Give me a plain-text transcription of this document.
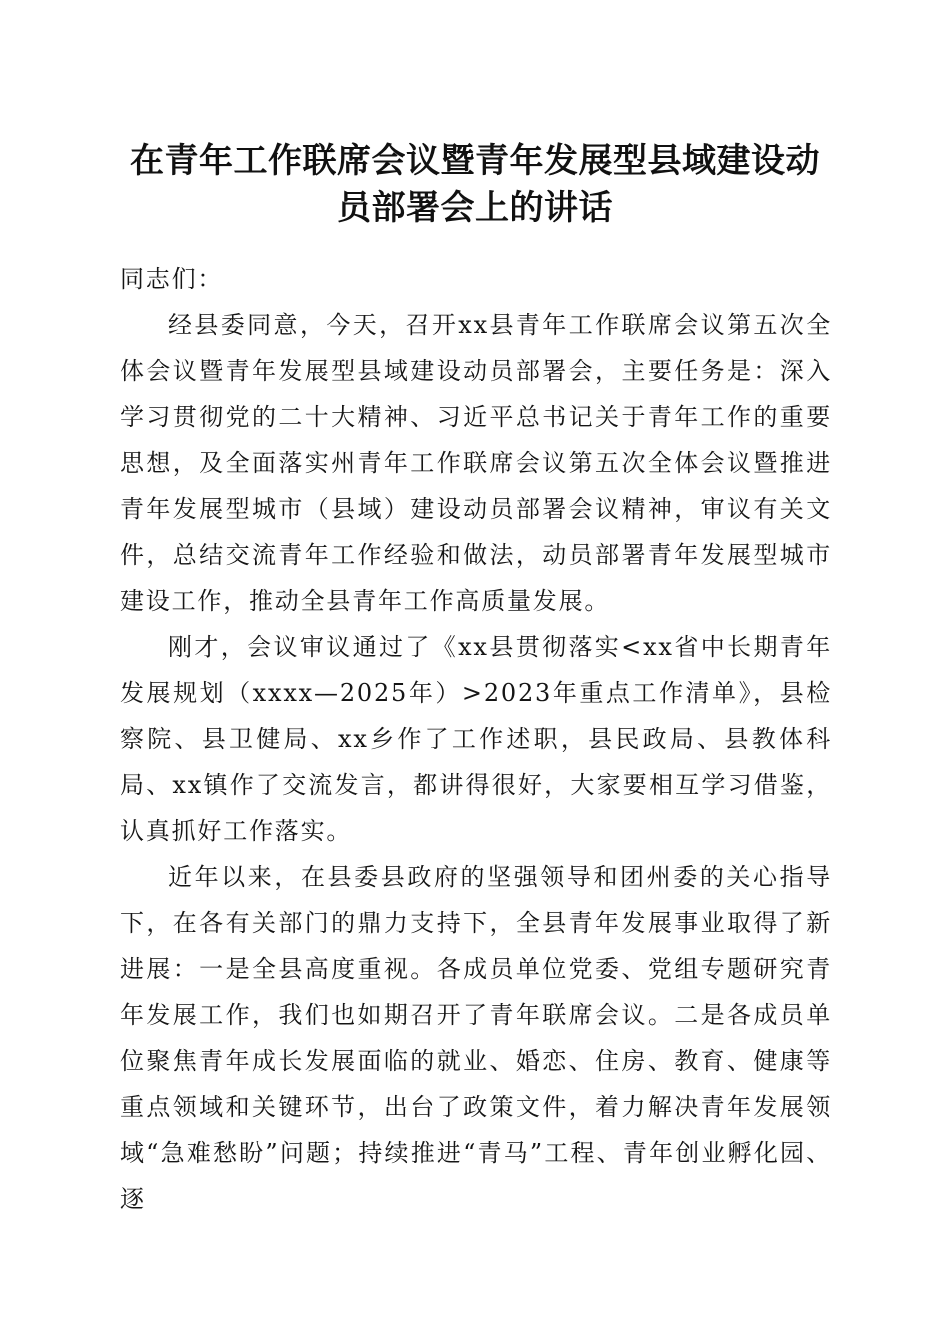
在青年工作联席会议暨青年发展型县域建设动
员部署会上的讲话

同志们：

经县委同意，今天，召开xx县青年工作联席会议第五次全体会议暨青年发展型县域建设动员部署会，主要任务是：深入学习贯彻党的二十大精神、习近平总书记关于青年工作的重要思想，及全面落实州青年工作联席会议第五次全体会议暨推进青年发展型城市（县域）建设动员部署会议精神，审议有关文件，总结交流青年工作经验和做法，动员部署青年发展型城市建设工作，推动全县青年工作高质量发展。

刚才，会议审议通过了《xx县贯彻落实<xx省中长期青年发展规划（xxxx—2025年）>2023年重点工作清单》，县检察院、县卫健局、xx乡作了工作述职，县民政局、县教体科局、xx镇作了交流发言，都讲得很好，大家要相互学习借鉴，认真抓好工作落实。

近年以来，在县委县政府的坚强领导和团州委的关心指导下，在各有关部门的鼎力支持下，全县青年发展事业取得了新进展：一是全县高度重视。各成员单位党委、党组专题研究青年发展工作，我们也如期召开了青年联席会议。二是各成员单位聚焦青年成长发展面临的就业、婚恋、住房、教育、健康等重点领域和关键环节，出台了政策文件，着力解决青年发展领域“急难愁盼”问题；持续推进“青马”工程、青年创业孵化园、逐
